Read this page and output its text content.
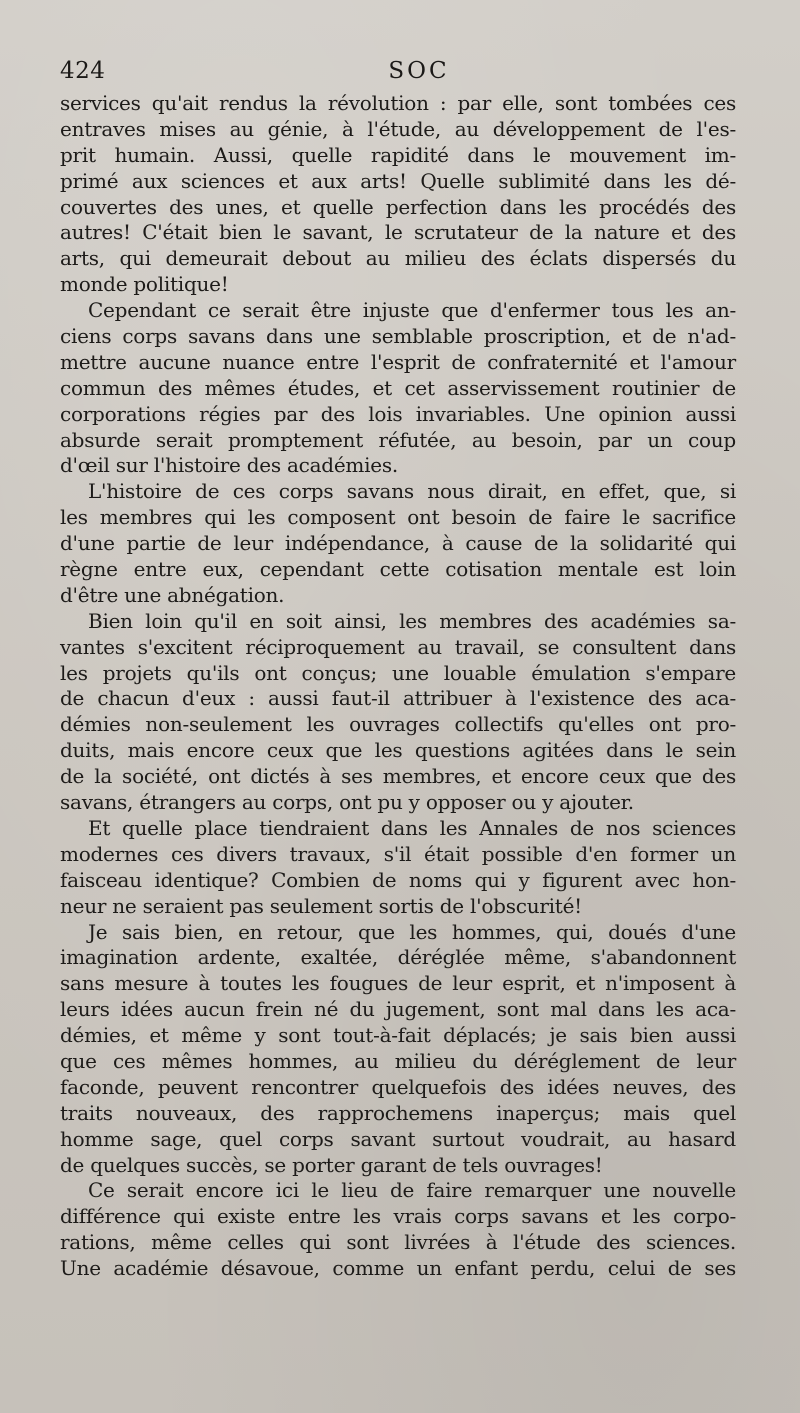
424	SOC
services qu'ait rendus la révolution : par elle, sont tombées ces
entraves mises au génie, à l'étude, au développement de l'es-
prit humain. Aussi, quelle rapidité dans le mouvement im-
primé aux sciences et aux arts! Quelle sublimité dans les dé-
couvertes des unes, et quelle perfection dans les procédés des
autres! C'était bien le savant, le scrutateur de la nature et des
arts, qui demeurait debout au milieu des éclats dispersés du
monde politique!
Cependant ce serait être injuste que d'enfermer tous les an-
ciens corps savans dans une semblable proscription, et de n'ad-
mettre aucune nuance entre l'esprit de confraternité et l'amour
commun des mêmes études, et cet asservissement routinier de
corporations régies par des lois invariables. Une opinion aussi
absurde serait promptement réfutée, au besoin, par un coup
d'œil sur l'histoire des académies.
L'histoire de ces corps savans nous dirait, en effet, que, si
les membres qui les composent ont besoin de faire le sacrifice
d'une partie de leur indépendance, à cause de la solidarité qui
règne entre eux, cependant cette cotisation mentale est loin
d'être une abnégation.
Bien loin qu'il en soit ainsi, les membres des académies sa-
vantes s'excitent réciproquement au travail, se consultent dans
les projets qu'ils ont conçus; une louable émulation s'empare
de chacun d'eux : aussi faut-il attribuer à l'existence des aca-
démies non-seulement les ouvrages collectifs qu'elles ont pro-
duits, mais encore ceux que les questions agitées dans le sein
de la société, ont dictés à ses membres, et encore ceux que des
savans, étrangers au corps, ont pu y opposer ou y ajouter.
Et quelle place tiendraient dans les Annales de nos sciences
modernes ces divers travaux, s'il était possible d'en former un
faisceau identique? Combien de noms qui y figurent avec hon-
neur ne seraient pas seulement sortis de l'obscurité!
Je sais bien, en retour, que les hommes, qui, doués d'une
imagination ardente, exaltée, déréglée même, s'abandonnent
sans mesure à toutes les fougues de leur esprit, et n'imposent à
leurs idées aucun frein né du jugement, sont mal dans les aca-
démies, et même y sont tout-à-fait déplacés; je sais bien aussi
que ces mêmes hommes, au milieu du déréglement de leur
faconde, peuvent rencontrer quelquefois des idées neuves, des
traits nouveaux, des rapprochemens inaperçus; mais quel
homme sage, quel corps savant surtout voudrait, au hasard
de quelques succès, se porter garant de tels ouvrages!
Ce serait encore ici le lieu de faire remarquer une nouvelle
différence qui existe entre les vrais corps savans et les corpo-
rations, même celles qui sont livrées à l'étude des sciences.
Une académie désavoue, comme un enfant perdu, celui de ses
